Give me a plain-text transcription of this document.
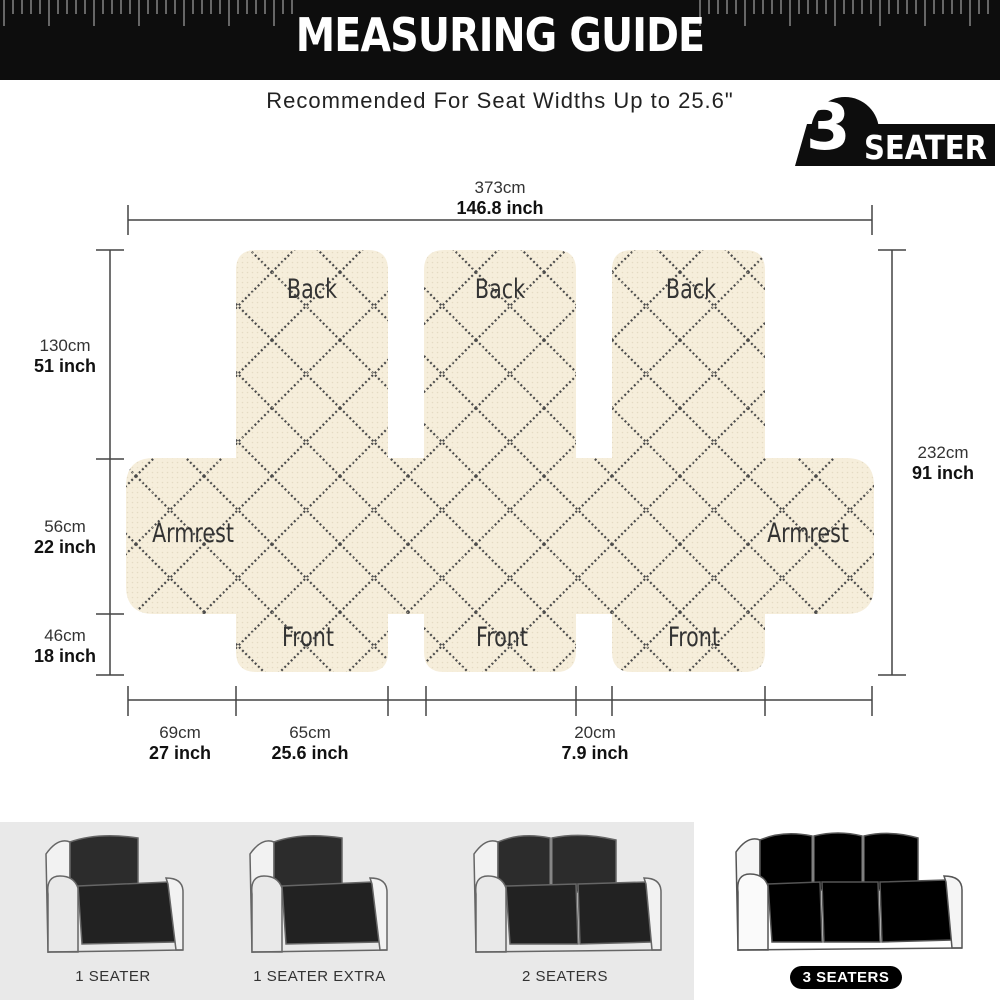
MEASURING GUIDE
Recommended For Seat Widths Up to 25.6"	3 SEATER
Back	Back	Back
Armrest	Armrest
Front	Front	Front
373cm
146.8 inch
130cm
51 inch
56cm
22 inch
46cm
18 inch
232cm
91 inch
69cm
27 inch
65cm
25.6 inch
20cm
7.9 inch
1 SEATER	1 SEATER EXTRA	2 SEATERS	3 SEATERS
